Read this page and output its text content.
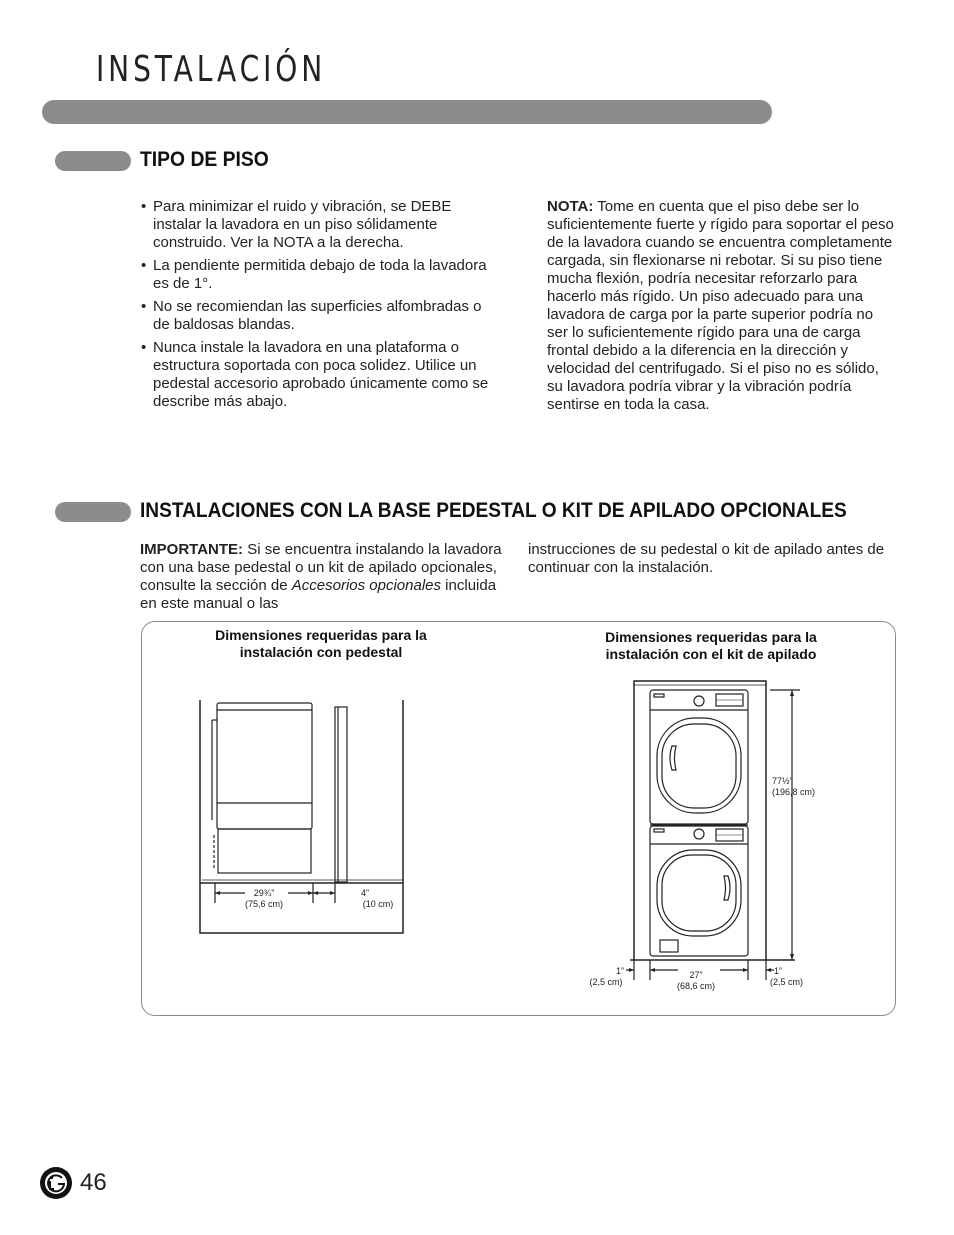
INSTALACIÓN
TIPO DE PISO
• Para minimizar el ruido y vibración, se DEBE instalar la lavadora en un piso sólidamente construido. Ver la NOTA a la derecha.
• La pendiente permitida debajo de toda la lavadora es de 1°.
• No se recomiendan las superficies alfombradas o de baldosas blandas.
• Nunca instale la lavadora en una plataforma o estructura soportada con poca solidez. Utilice un pedestal accesorio aprobado únicamente como se describe más abajo.

NOTA: Tome en cuenta que el piso debe ser lo suficientemente fuerte y rígido para soportar el peso de la lavadora cuando se encuentra completamente cargada, sin flexionarse ni rebotar. Si su piso tiene mucha flexión, podría necesitar reforzarlo para hacerlo más rígido. Un piso adecuado para una lavadora de carga por la parte superior podría no ser lo suficientemente rígido para una de carga frontal debido a la diferencia en la dirección y velocidad del centrifugado. Si el piso no es sólido, su lavadora podría vibrar y la vibración podría sentirse en toda la casa.

INSTALACIONES CON LA BASE PEDESTAL O KIT DE APILADO OPCIONALES

IMPORTANTE: Si se encuentra instalando la lavadora con una base pedestal o un kit de apilado opcionales, consulte la sección de Accesorios opcionales incluida en este manual o las

instrucciones de su pedestal o kit de apilado antes de continuar con la instalación.

Dimensiones requeridas para la instalación con pedestal
Dimensiones requeridas para la instalación con el kit de apilado
29¾”
(75,6 cm)
4”
(10 cm)
77½”
(196,8 cm)
1”
(2,5 cm)
27”
(68,6 cm)
1”
(2,5 cm)
46
